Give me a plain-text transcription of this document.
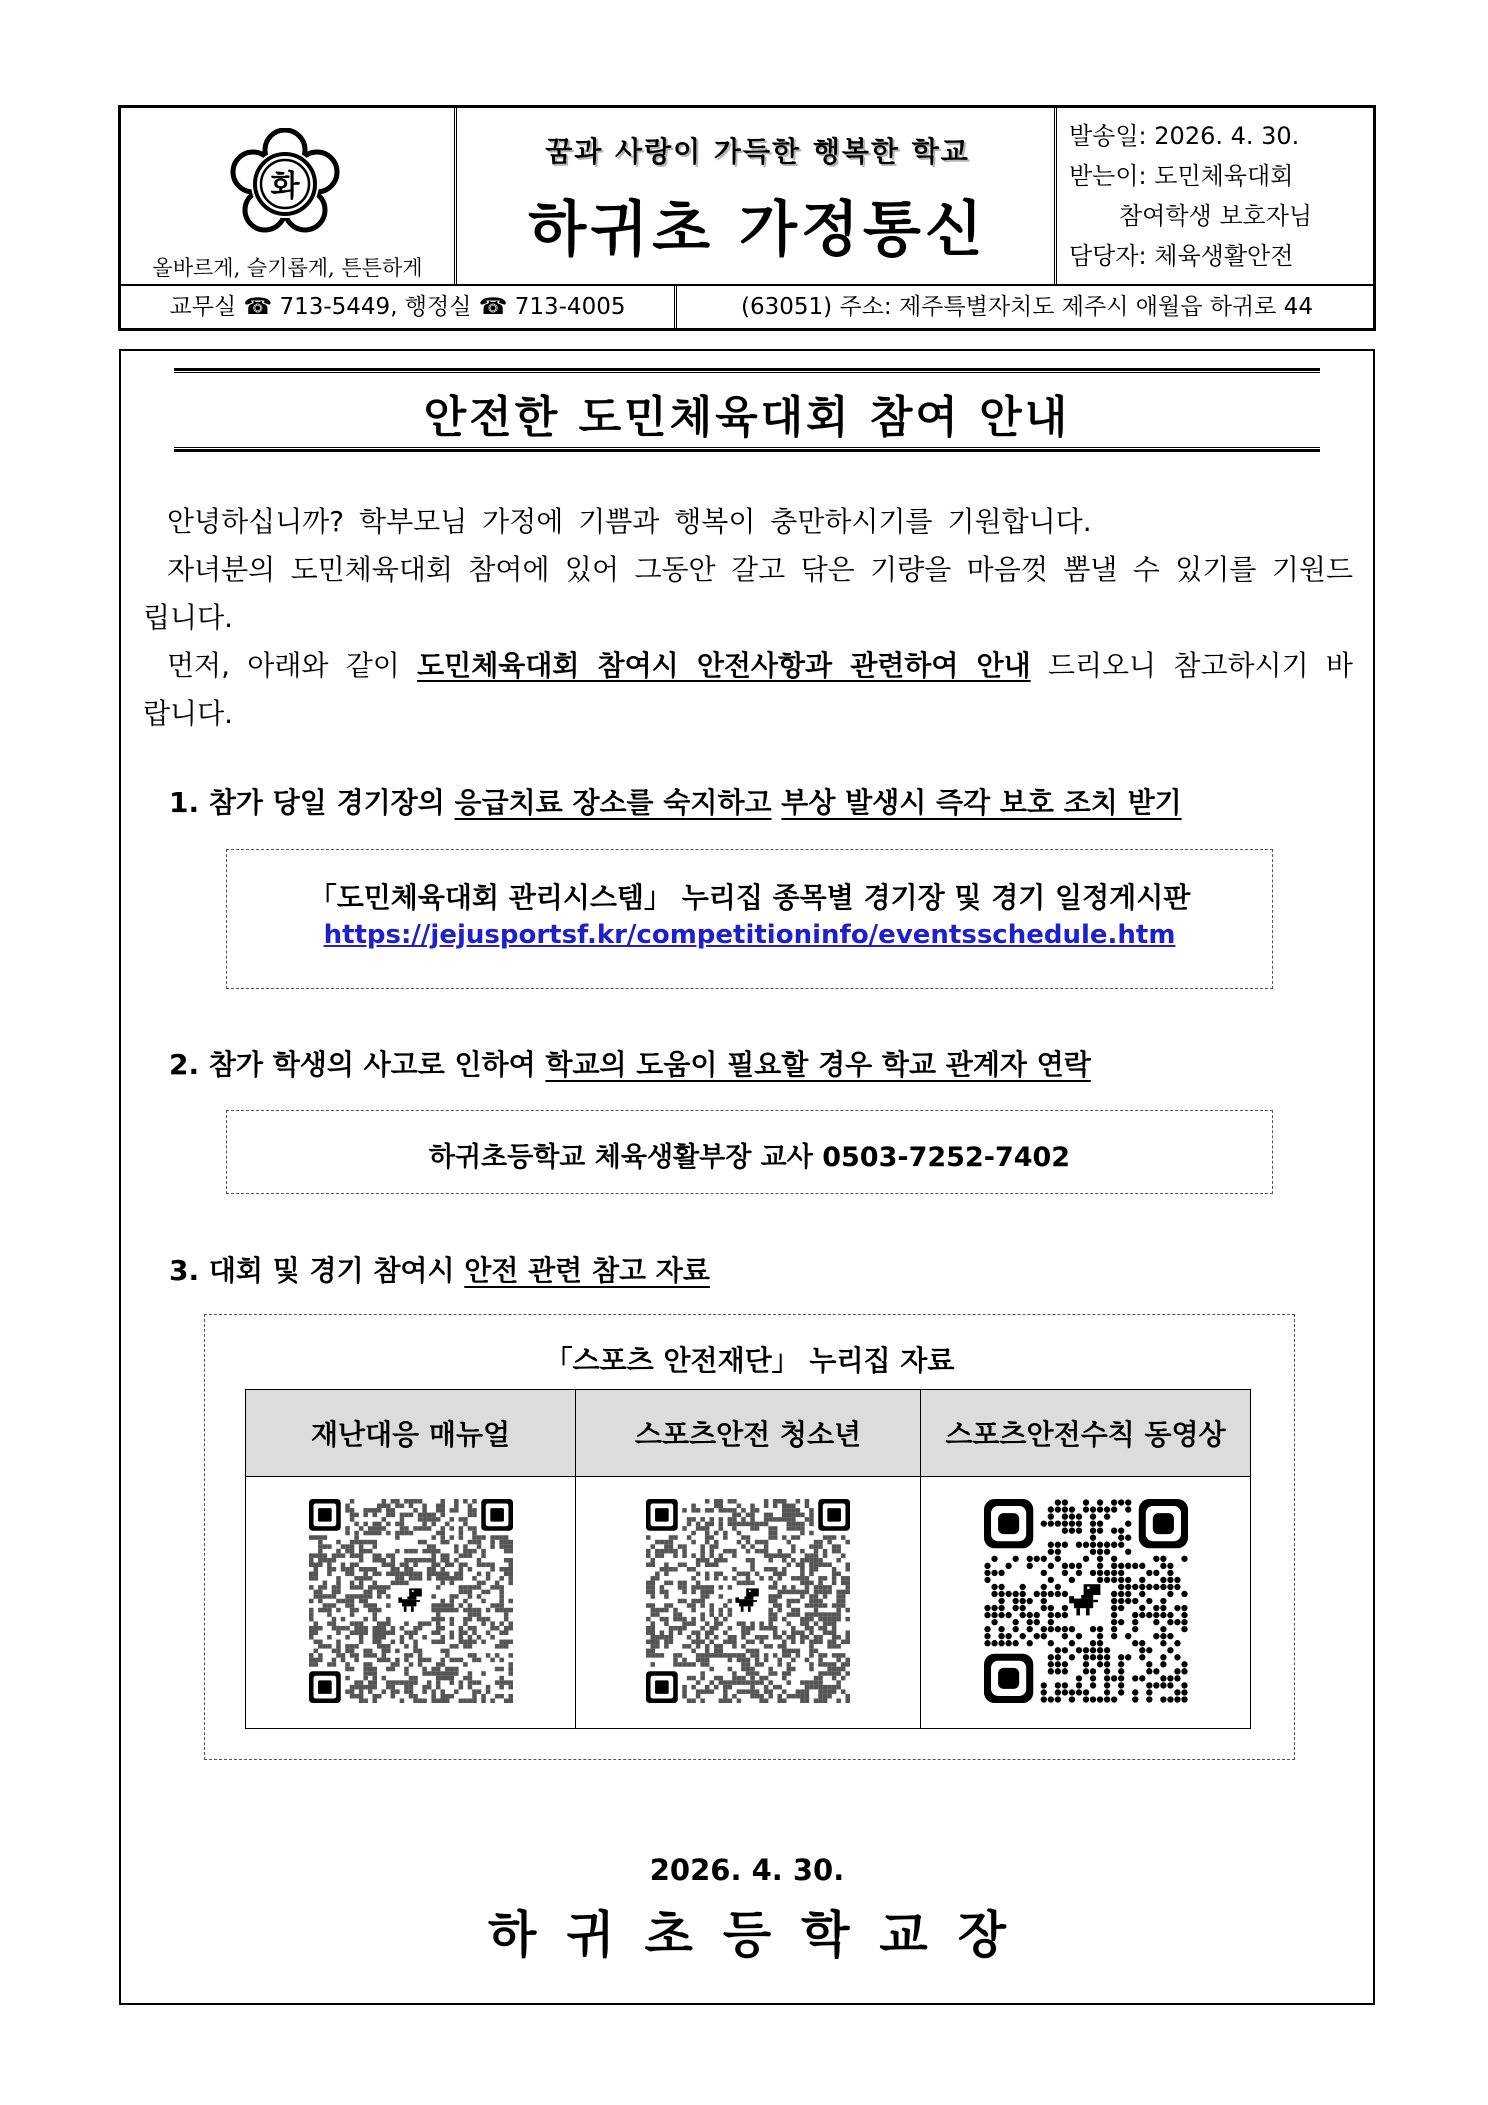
화
올바르게, 슬기롭게, 튼튼하게
꿈과 사랑이 가득한 행복한 학교
하귀초 가정통신
발송일: 2026. 4. 30.
받는이: 도민체육대회
참여학생 보호자님
담당자: 체육생활안전
교무실 ☎ 713-5449, 행정실 ☎ 713-4005	(63051) 주소: 제주특별자치도 제주시 애월읍 하귀로 44
안전한 도민체육대회 참여 안내
안녕하십니까? 학부모님 가정에 기쁨과 행복이 충만하시기를 기원합니다.
자녀분의 도민체육대회 참여에 있어 그동안 갈고 닦은 기량을 마음껏 뽐낼 수 있기를 기원드립니다.
먼저, 아래와 같이 도민체육대회 참여시 안전사항과 관련하여 안내 드리오니 참고하시기 바랍니다.
1. 참가 당일 경기장의 응급치료 장소를 숙지하고 부상 발생시 즉각 보호 조치 받기
「도민체육대회 관리시스템」 누리집 종목별 경기장 및 경기 일정게시판
https://jejusportsf.kr/competitioninfo/eventsschedule.htm
2. 참가 학생의 사고로 인하여 학교의 도움이 필요할 경우 학교 관계자 연락
하귀초등학교 체육생활부장 교사 0503-7252-7402
3. 대회 및 경기 참여시 안전 관련 참고 자료
「스포츠 안전재단」 누리집 자료
재난대응 매뉴얼	스포츠안전 청소년	스포츠안전수칙 동영상

2026. 4. 30.
하귀초등학교장
